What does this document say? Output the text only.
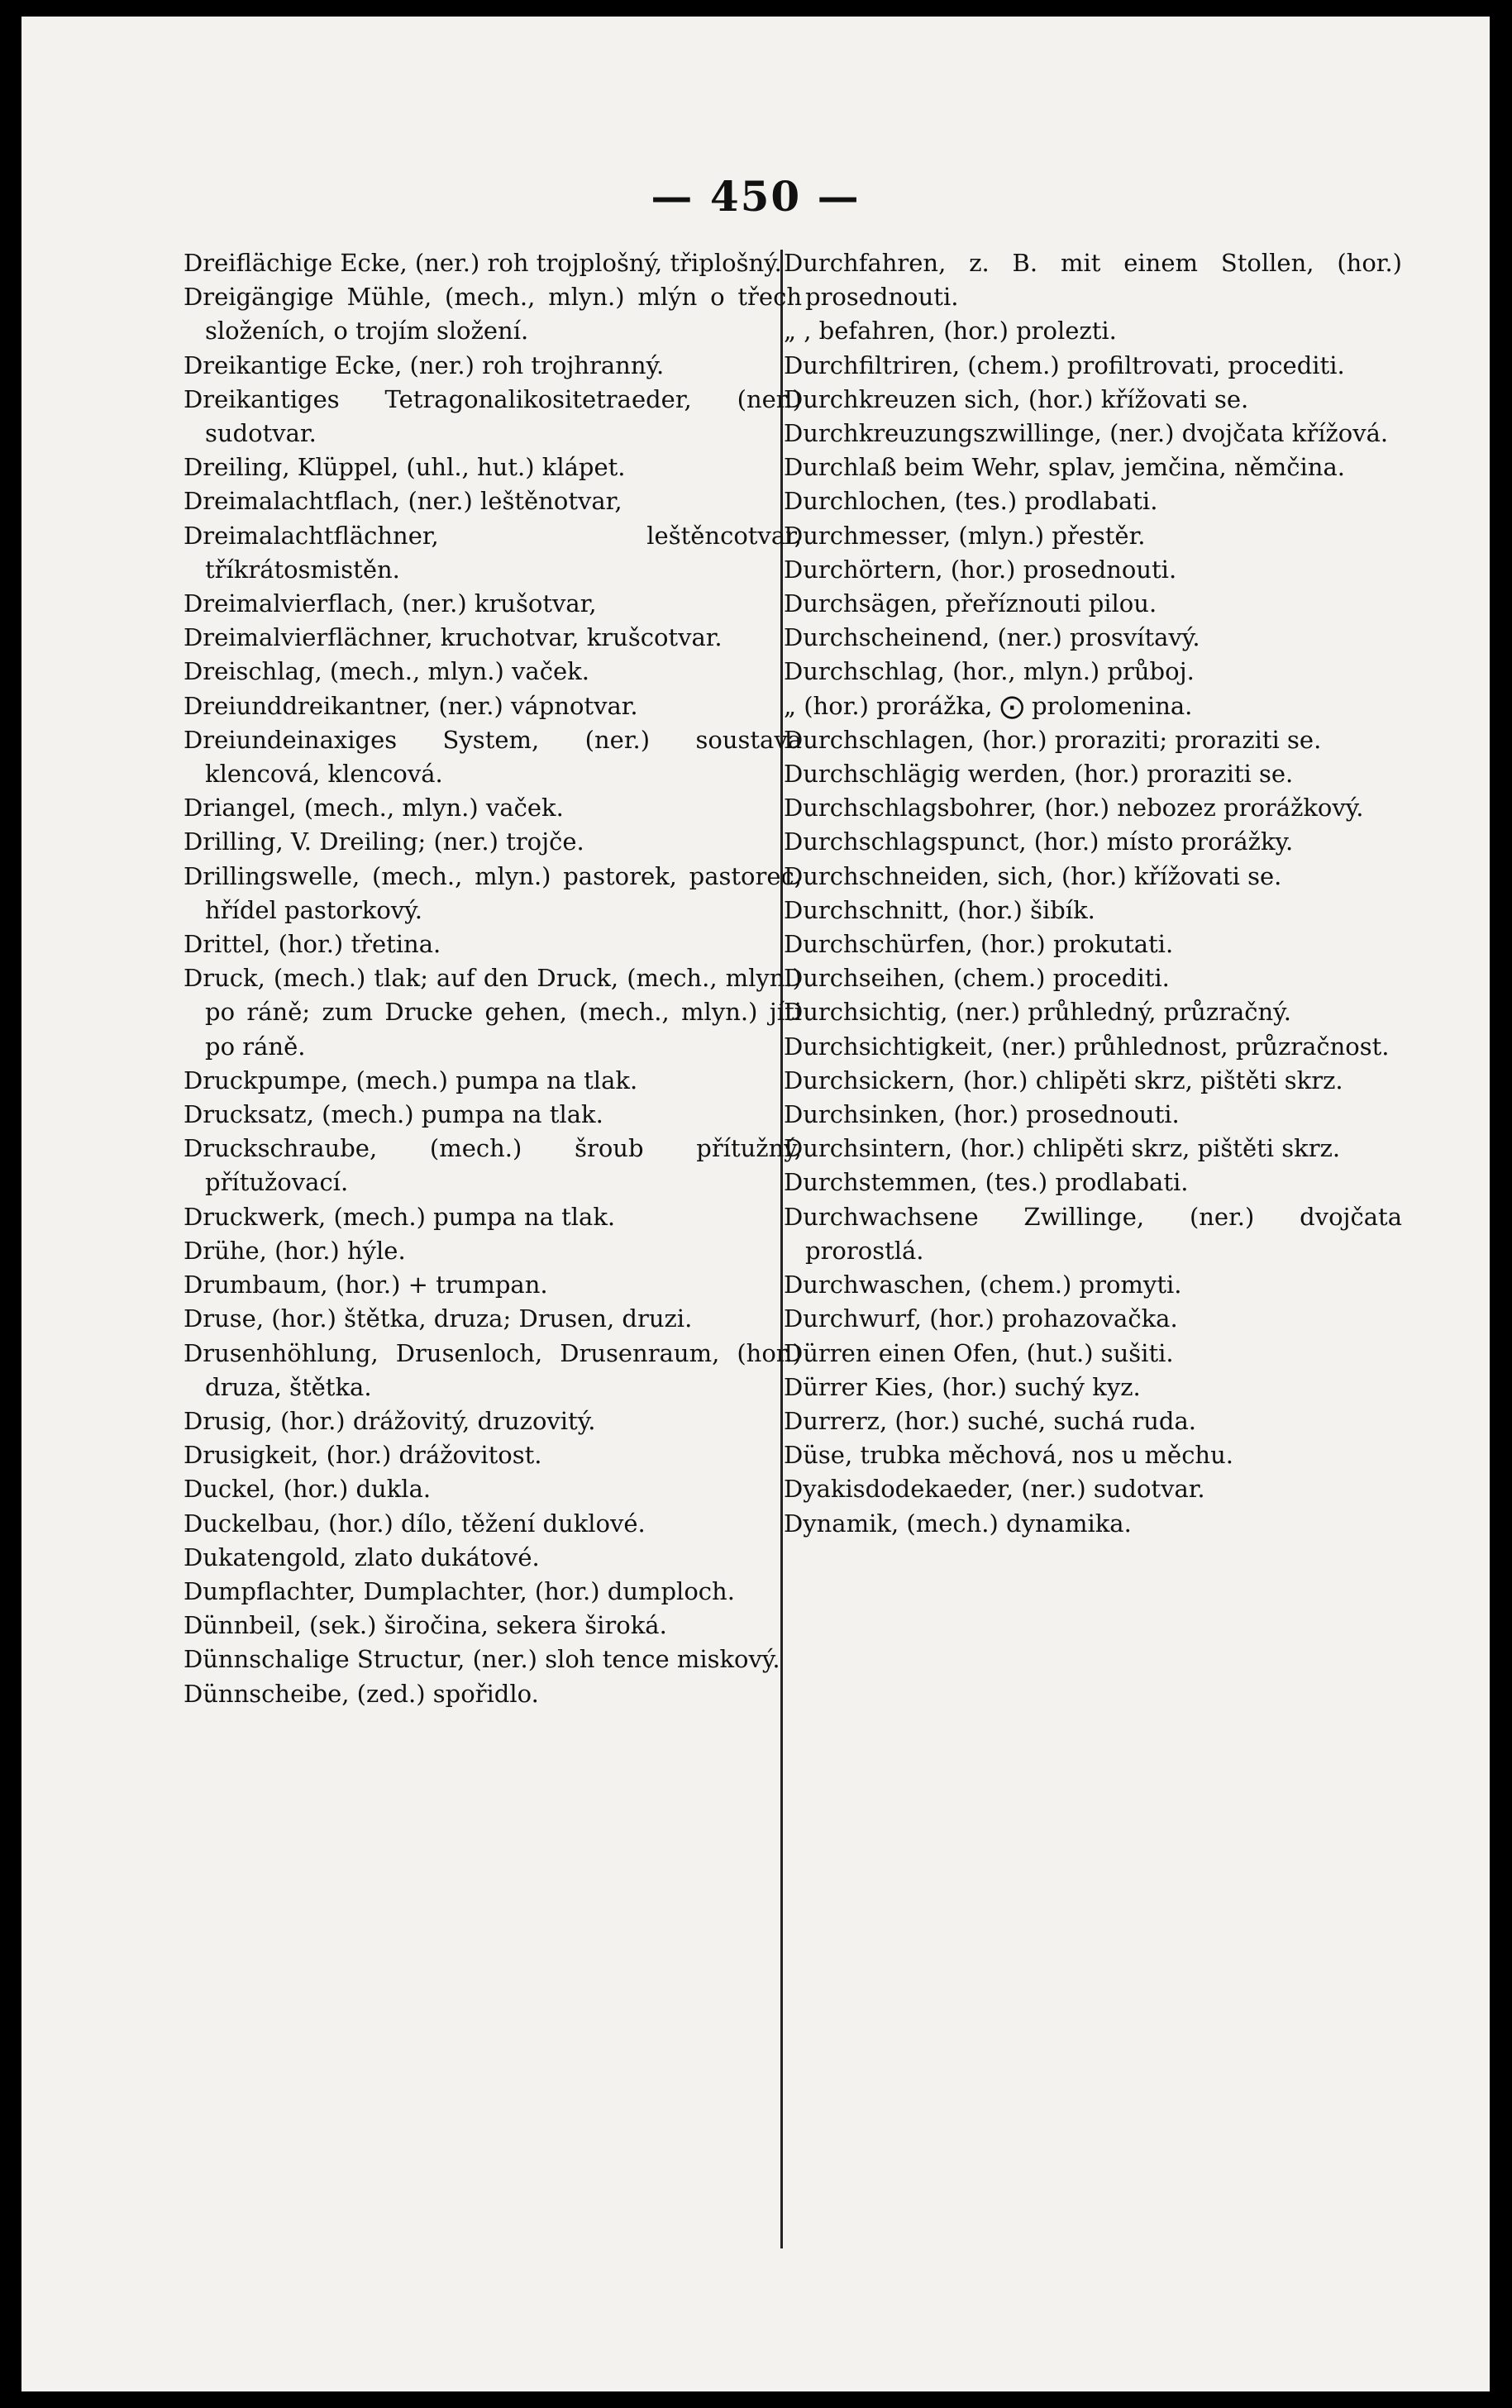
— 450 —
Dreiflächige Ecke, (ner.) roh trojplošný, třiplošný.
Dreigängige Mühle, (mech., mlyn.) mlýn o třech složeních, o trojím složení.
Dreikantige Ecke, (ner.) roh trojhranný.
Dreikantiges Tetragonalikositetraeder, (ner.) sudotvar.
Dreiling, Klüppel, (uhl., hut.) klápet.
Dreimalachtflach, (ner.) leštěnotvar,
Dreimalachtflächner, leštěncotvar, tříkrátosmistěn.
Dreimalvierflach, (ner.) krušotvar,
Dreimalvierflächner, kruchotvar, krušcotvar.
Dreischlag, (mech., mlyn.) vaček.
Dreiunddreikantner, (ner.) vápnotvar.
Dreiundeinaxiges System, (ner.) soustava klencová, klencová.
Driangel, (mech., mlyn.) vaček.
Drilling, V. Dreiling; (ner.) trojče.
Drillingswelle, (mech., mlyn.) pastorek, pastorec, hřídel pastorkový.
Drittel, (hor.) třetina.
Druck, (mech.) tlak; auf den Druck, (mech., mlyn.) po ráně; zum Drucke gehen, (mech., mlyn.) jíti po ráně.
Druckpumpe, (mech.) pumpa na tlak.
Drucksatz, (mech.) pumpa na tlak.
Druckschraube, (mech.) šroub přítužný, přítužovací.
Druckwerk, (mech.) pumpa na tlak.
Drühe, (hor.) hýle.
Drumbaum, (hor.) + trumpan.
Druse, (hor.) štětka, druza; Drusen, druzi.
Drusenhöhlung, Drusenloch, Drusenraum, (hor.) druza, štětka.
Drusig, (hor.) drážovitý, druzovitý.
Drusigkeit, (hor.) drážovitost.
Duckel, (hor.) dukla.
Duckelbau, (hor.) dílo, těžení duklové.
Dukatengold, zlato dukátové.
Dumpflachter, Dumplachter, (hor.) dumploch.
Dünnbeil, (sek.) širočina, sekera široká.
Dünnschalige Structur, (ner.) sloh tence miskový.
Dünnscheibe, (zed.) spořidlo.
Durchfahren, z. B. mit einem Stollen, (hor.) prosednouti.
„ , befahren, (hor.) prolezti.
Durchfiltriren, (chem.) profiltrovati, procediti.
Durchkreuzen sich, (hor.) křížovati se.
Durchkreuzungszwillinge, (ner.) dvojčata křížová.
Durchlaß beim Wehr, splav, jemčina, němčina.
Durchlochen, (tes.) prodlabati.
Durchmesser, (mlyn.) přestěr.
Durchörtern, (hor.) prosednouti.
Durchsägen, přeříznouti pilou.
Durchscheinend, (ner.) prosvítavý.
Durchschlag, (hor., mlyn.) průboj.
„ (hor.) prorážka, ⨀ prolomenina.
Durchschlagen, (hor.) proraziti; proraziti se.
Durchschlägig werden, (hor.) proraziti se.
Durchschlagsbohrer, (hor.) nebozez prorážkový.
Durchschlagspunct, (hor.) místo prorážky.
Durchschneiden, sich, (hor.) křížovati se.
Durchschnitt, (hor.) šibík.
Durchschürfen, (hor.) prokutati.
Durchseihen, (chem.) procediti.
Durchsichtig, (ner.) průhledný, průzračný.
Durchsichtigkeit, (ner.) průhlednost, průzračnost.
Durchsickern, (hor.) chlipěti skrz, pištěti skrz.
Durchsinken, (hor.) prosednouti.
Durchsintern, (hor.) chlipěti skrz, pištěti skrz.
Durchstemmen, (tes.) prodlabati.
Durchwachsene Zwillinge, (ner.) dvojčata prorostlá.
Durchwaschen, (chem.) promyti.
Durchwurf, (hor.) prohazovačka.
Dürren einen Ofen, (hut.) sušiti.
Dürrer Kies, (hor.) suchý kyz.
Durrerz, (hor.) suché, suchá ruda.
Düse, trubka měchová, nos u měchu.
Dyakisdodekaeder, (ner.) sudotvar.
Dynamik, (mech.) dynamika.
